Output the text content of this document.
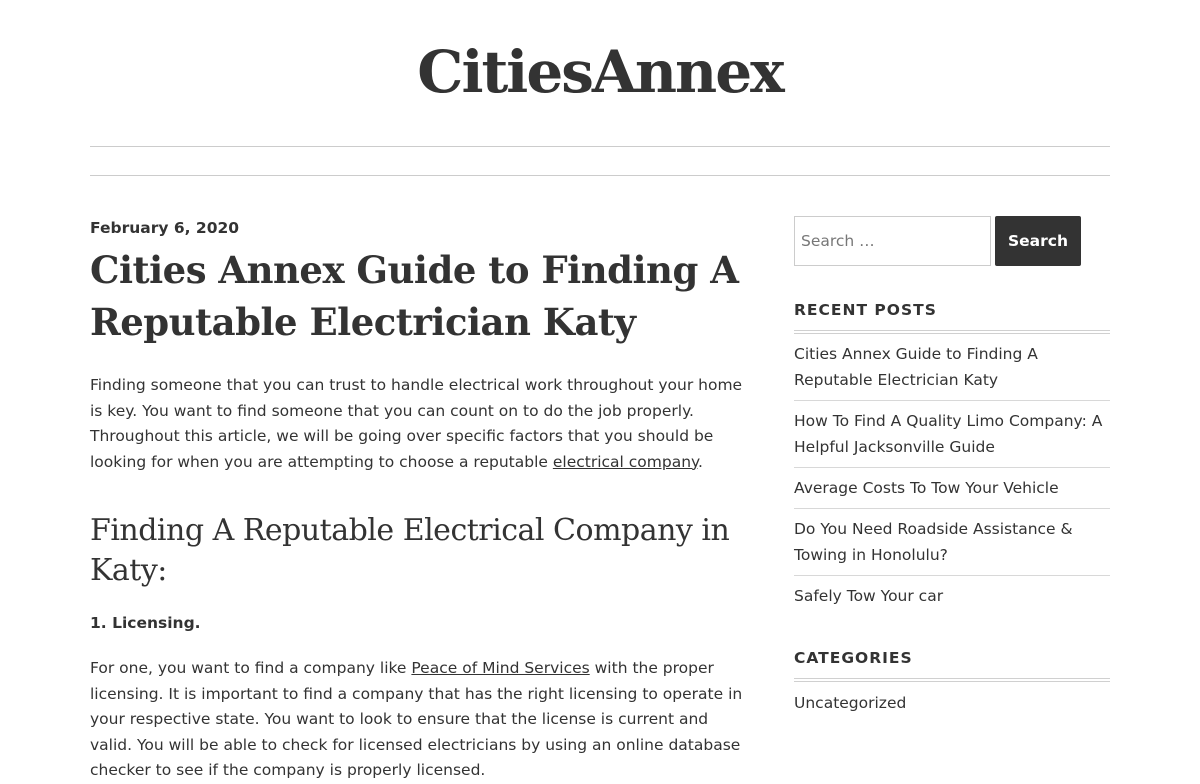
CitiesAnnex

February 6, 2020

Cities Annex Guide to Finding A Reputable Electrician Katy

Finding someone that you can trust to handle electrical work throughout your home is key. You want to find someone that you can count on to do the job properly. Throughout this article, we will be going over specific factors that you should be looking for when you are attempting to choose a reputable electrical company.

Finding A Reputable Electrical Company in Katy:
1. Licensing.

For one, you want to find a company like Peace of Mind Services with the proper licensing. It is important to find a company that has the right licensing to operate in your respective state. You want to look to ensure that the license is current and valid. You will be able to check for licensed electricians by using an online database checker to see if the company is properly licensed.

Search …
Search
RECENT POSTS
Cities Annex Guide to Finding A Reputable Electrician Katy
How To Find A Quality Limo Company: A Helpful Jacksonville Guide
Average Costs To Tow Your Vehicle
Do You Need Roadside Assistance & Towing in Honolulu?
Safely Tow Your car
CATEGORIES
Uncategorized
